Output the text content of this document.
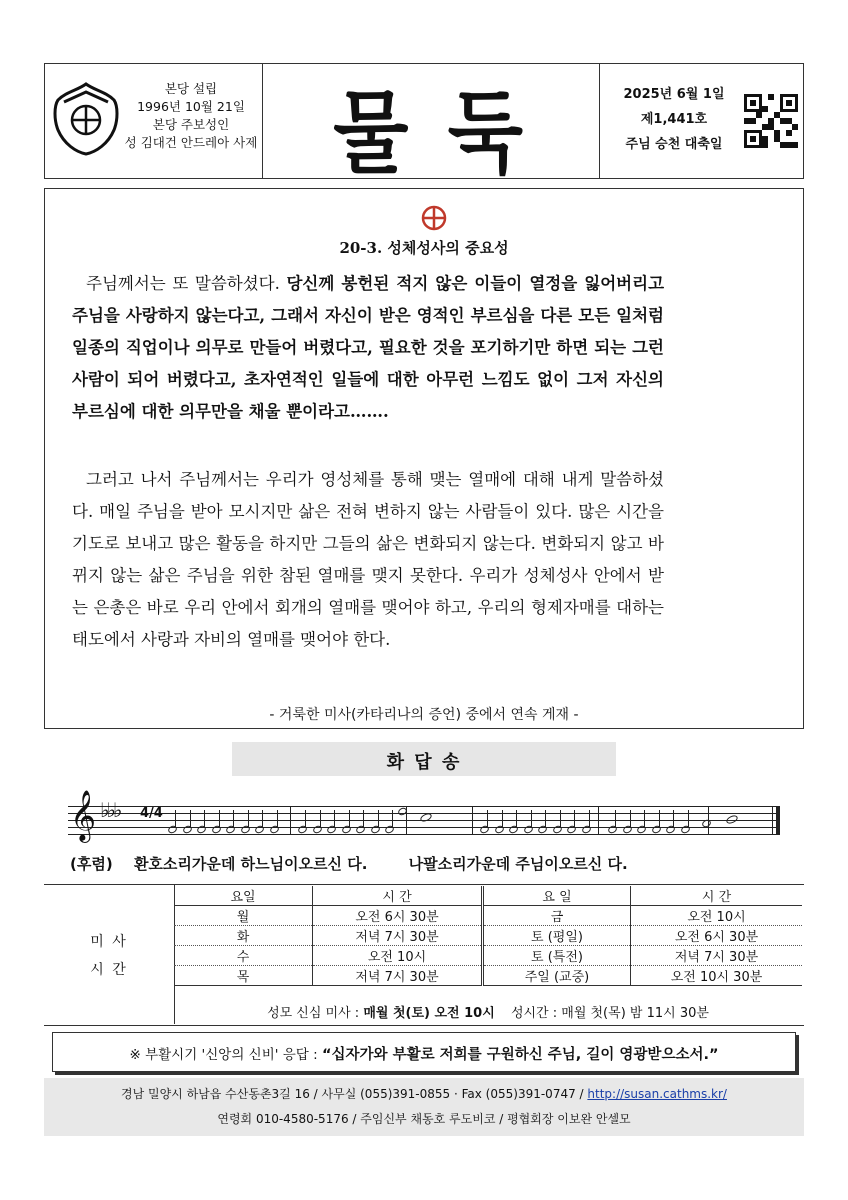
본당 설립
1996년 10월 21일
본당 주보성인
성 김대건 안드레아 사제 물 둑	2025년 6월 1일
제1,441호
주님 승천 대축일
20-3. 성체성사의 중요성
주님께서는 또 말씀하셨다. 당신께 봉헌된 적지 않은 이들이 열정을 잃어버리고 주님을 사랑하지 않는다고, 그래서 자신이 받은 영적인 부르심을 다른 모든 일처럼 일종의 직업이나 의무로 만들어 버렸다고, 필요한 것을 포기하기만 하면 되는 그런 사람이 되어 버렸다고, 초자연적인 일들에 대한 아무런 느낌도 없이 그저 자신의 부르심에 대한 의무만을 채울 뿐이라고…….
그러고 나서 주님께서는 우리가 영성체를 통해 맺는 열매에 대해 내게 말씀하셨다. 매일 주님을 받아 모시지만 삶은 전혀 변하지 않는 사람들이 있다. 많은 시간을 기도로 보내고 많은 활동을 하지만 그들의 삶은 변화되지 않는다. 변화되지 않고 바뀌지 않는 삶은 주님을 위한 참된 열매를 맺지 못한다. 우리가 성체성사 안에서 받는 은총은 바로 우리 안에서 회개의 열매를 맺어야 하고, 우리의 형제자매를 대하는 태도에서 사랑과 자비의 열매를 맺어야 한다.
- 거룩한 미사(카타리나의 증언) 중에서 연속 게재 -
화 답 송
𝄞 ♭♭♭ 4/4
(후렴) 환호소리가운데 하느님이오르신 다.	나팔소리가운데 주님이오르신 다.
미 사
시 간
요일	시 간	요 일	시 간
월	오전 6시 30분	금	오전 10시
화	저녁 7시 30분	토 (평일)	오전 6시 30분
수	오전 10시	토 (특전)	저녁 7시 30분
목	저녁 7시 30분	주일 (교중)	오전 10시 30분
성모 신심 미사 : 매월 첫(토) 오전 10시 성시간 : 매월 첫(목) 밤 11시 30분
※ 부활시기 '신앙의 신비' 응답 : “십자가와 부활로 저희를 구원하신 주님, 길이 영광받으소서.”
경남 밀양시 하남읍 수산동촌3길 16 / 사무실 (055)391-0855 · Fax (055)391-0747 / http://susan.cathms.kr/
연령회 010-4580-5176 / 주임신부 채동호 루도비코 / 평협회장 이보완 안셀모
